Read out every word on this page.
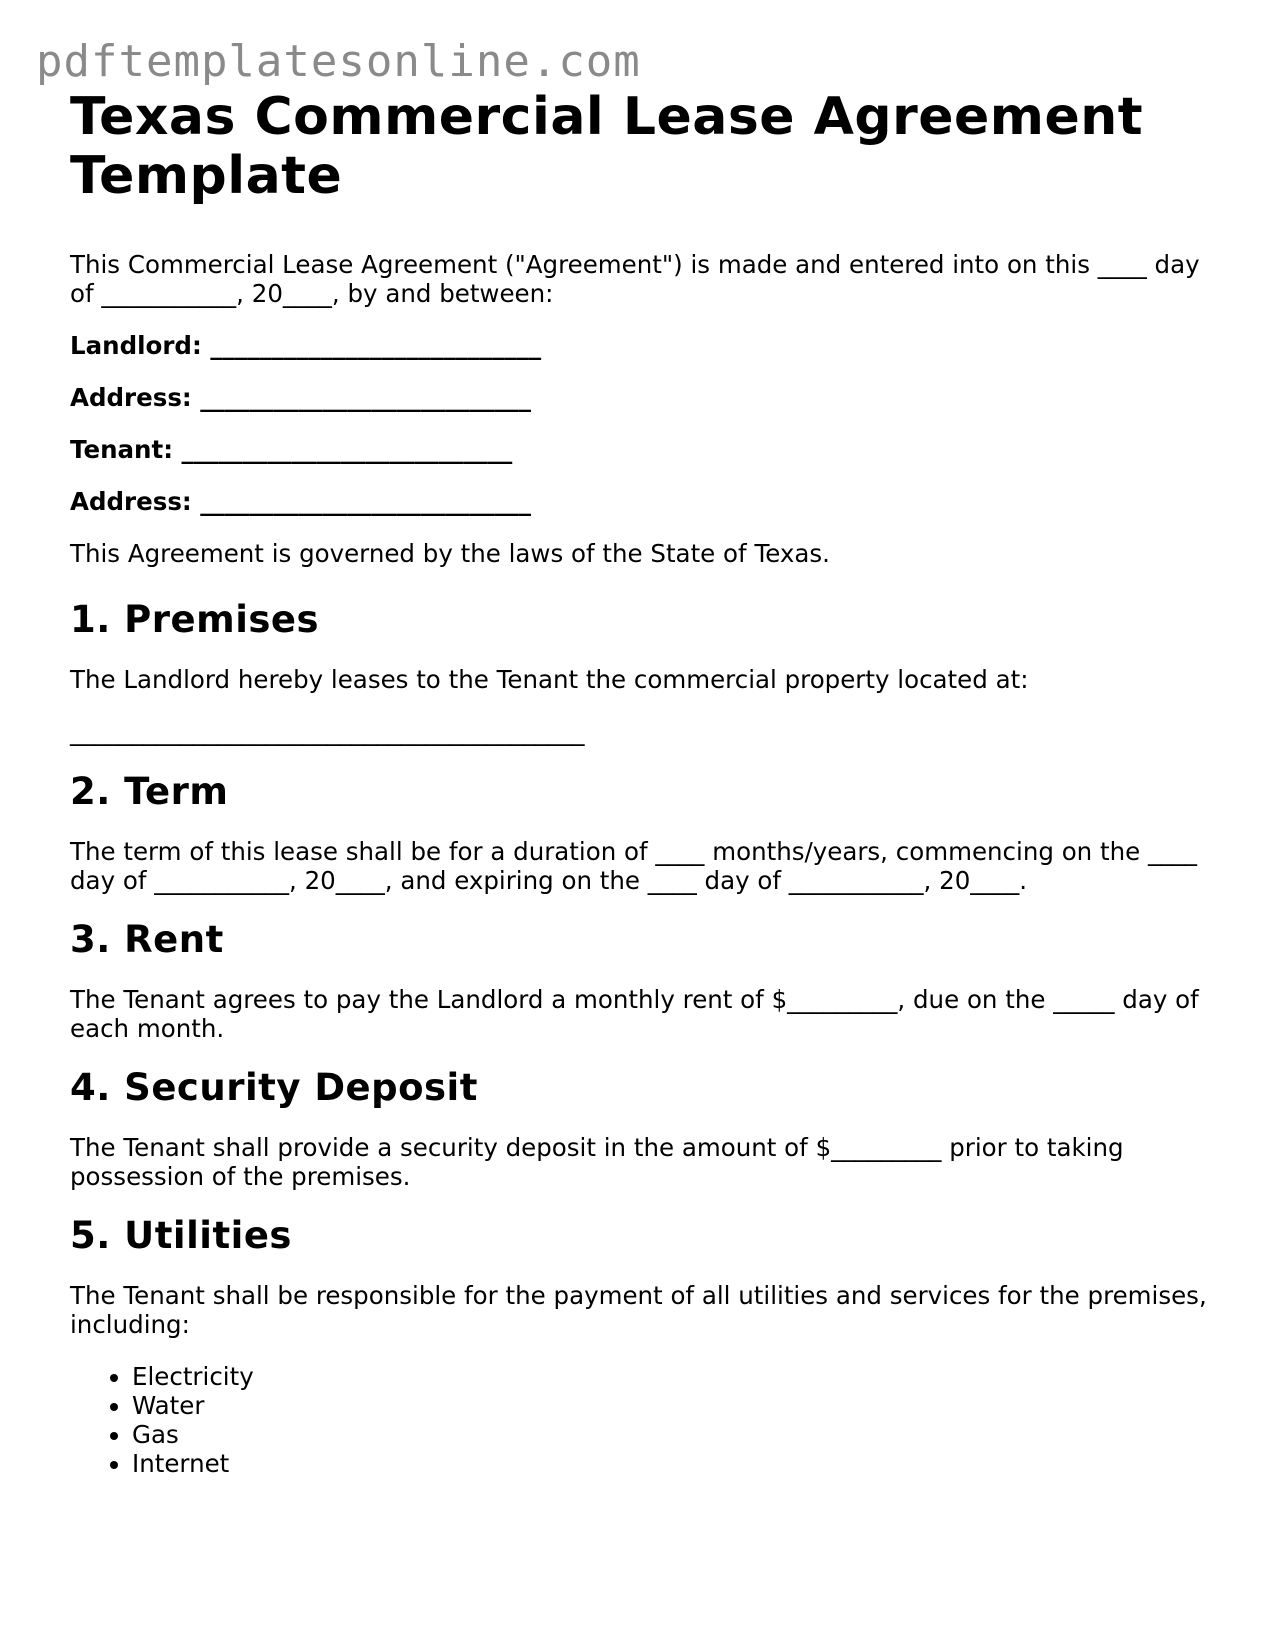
pdftemplatesonline.com
Texas Commercial Lease Agreement Template

This Commercial Lease Agreement ("Agreement") is made and entered into on this ____ day of ___________, 20____, by and between:

Landlord: ___________________________

Address: ___________________________

Tenant: ___________________________

Address: ___________________________

This Agreement is governed by the laws of the State of Texas.

1. Premises

The Landlord hereby leases to the Tenant the commercial property located at:

__________________________________________

2. Term

The term of this lease shall be for a duration of ____ months/years, commencing on the ____ day of ___________, 20____, and expiring on the ____ day of ___________, 20____.

3. Rent

The Tenant agrees to pay the Landlord a monthly rent of $_________, due on the _____ day of each month.

4. Security Deposit

The Tenant shall provide a security deposit in the amount of $_________ prior to taking possession of the premises.

5. Utilities

The Tenant shall be responsible for the payment of all utilities and services for the premises, including:

• Electricity
• Water
• Gas
• Internet
